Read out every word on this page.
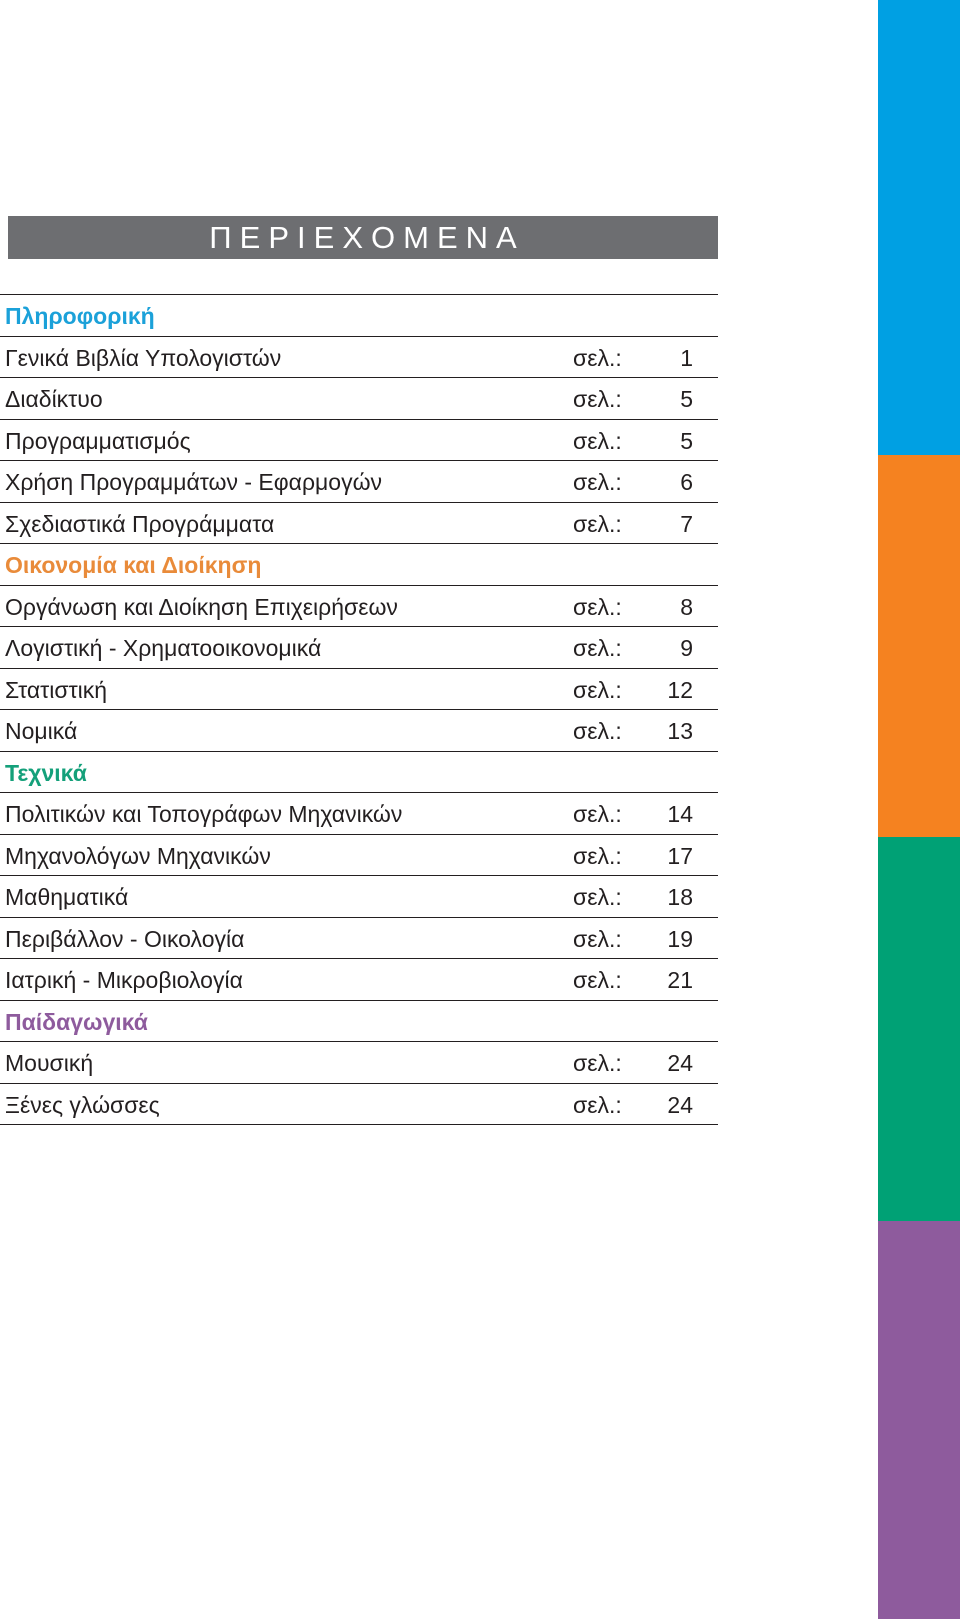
ΠΕΡΙΕΧΟΜΕΝΑ
Πληροφορική
Γενικά Βιβλία Υπολογιστών	σελ.:	1
Διαδίκτυο	σελ.:	5
Προγραμματισμός	σελ.:	5
Χρήση Προγραμμάτων - Εφαρμογών	σελ.:	6
Σχεδιαστικά Προγράμματα	σελ.:	7
Οικονομία και Διοίκηση
Οργάνωση και Διοίκηση Επιχειρήσεων	σελ.:	8
Λογιστική - Χρηματοοικονομικά	σελ.:	9
Στατιστική	σελ.: 12
Νομικά	σελ.: 13
Τεχνικά
Πολιτικών και Τοπογράφων Μηχανικών	σελ.: 14
Μηχανολόγων Μηχανικών	σελ.: 17
Μαθηματικά	σελ.: 18
Περιβάλλον - Οικολογία	σελ.: 19
Ιατρική - Μικροβιολογία	σελ.: 21
Παίδαγωγικά
Μουσική	σελ.: 24
Ξένες γλώσσες	σελ.: 24
